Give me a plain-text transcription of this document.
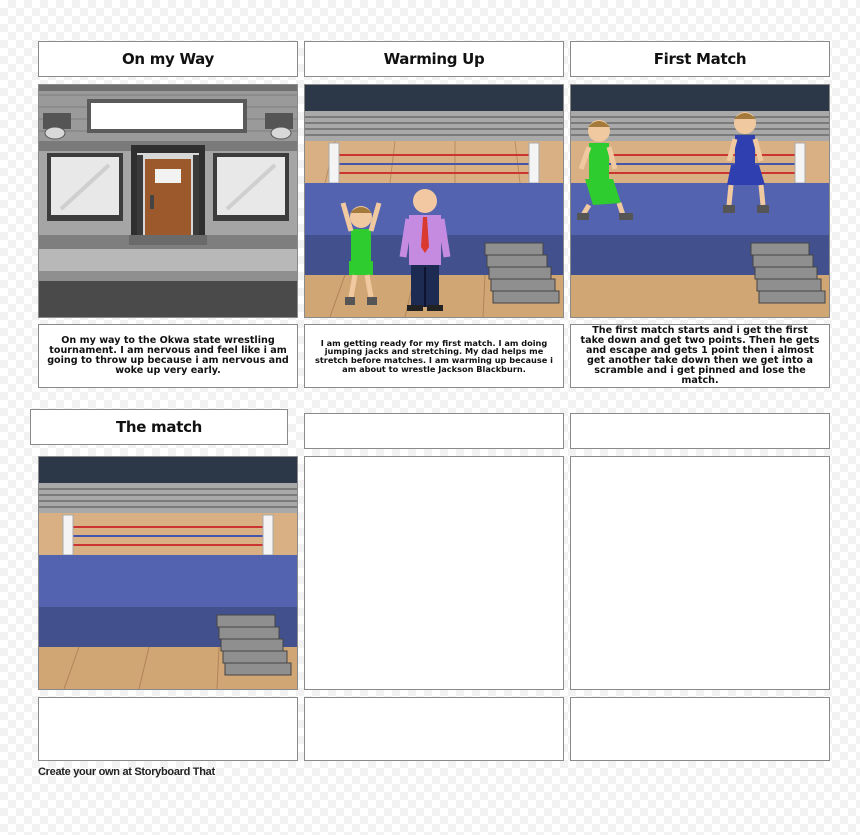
On my Way	Warming Up	First Match
On my way to the Okwa state wrestling tournament. I am nervous and feel like i am going to throw up because i am nervous and woke up very early.
I am getting ready for my first match. I am doing jumping jacks and stretching. My dad helps me stretch before matches. I am warming up because i am about to wrestle Jackson Blackburn.
The first match starts and i get the first take down and get two points. Then he gets and escape and gets 1 point then i almost get another take down then we get into a scramble and i get pinned and lose the match.
The match
Create your own at Storyboard That
